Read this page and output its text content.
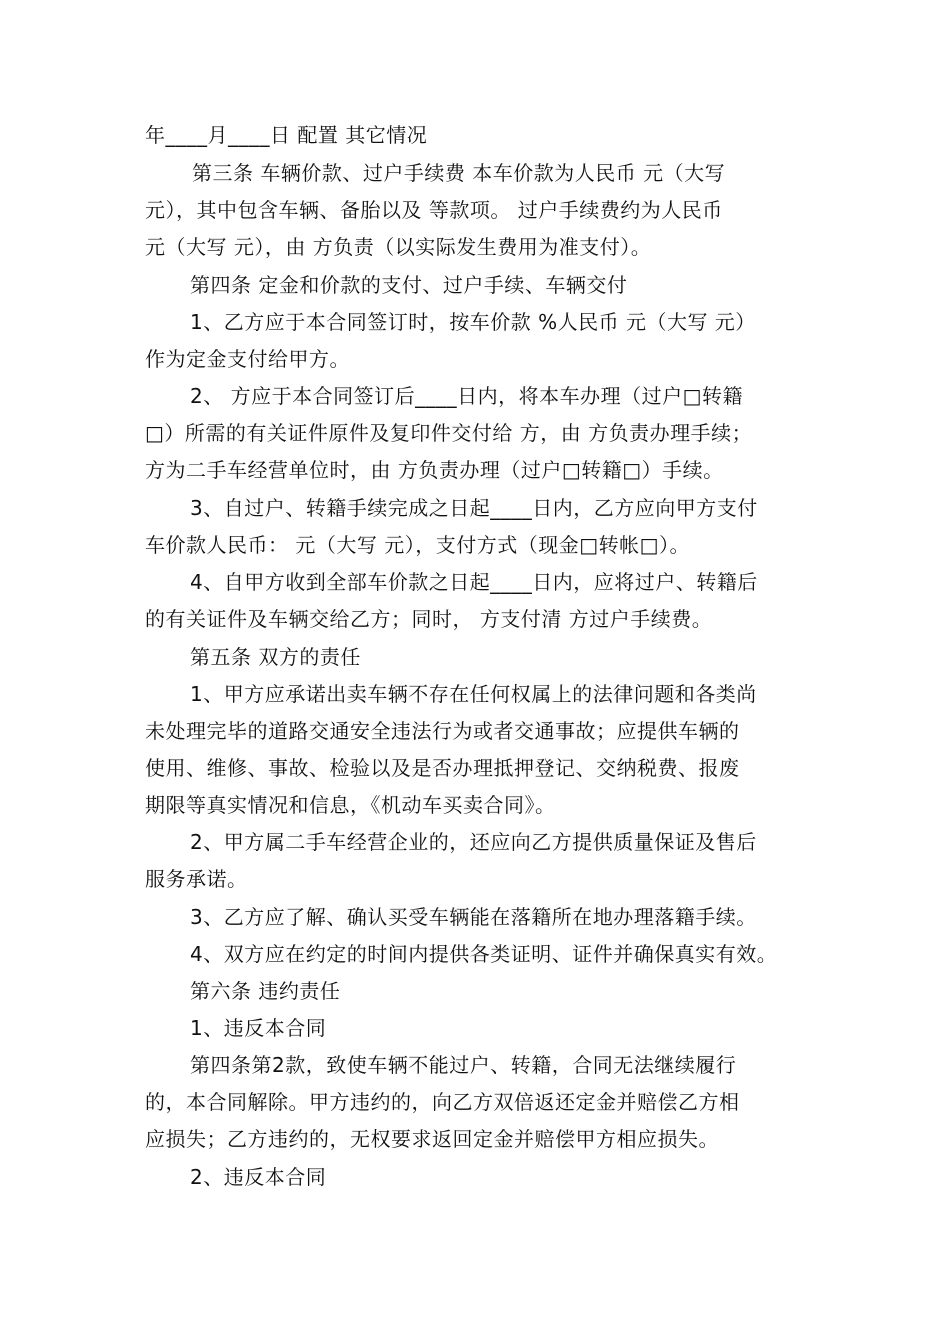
年____月____日 配置 其它情况

第三条 车辆价款、过户手续费 本车价款为人民币 元（大写

元），其中包含车辆、备胎以及 等款项。 过户手续费约为人民币

元（大写 元），由 方负责（以实际发生费用为准支付）。

第四条 定金和价款的支付、过户手续、车辆交付

1、乙方应于本合同签订时，按车价款 %人民币 元（大写 元）

作为定金支付给甲方。

2、 方应于本合同签订后____日内，将本车办理（过户□转籍

□）所需的有关证件原件及复印件交付给 方，由 方负责办理手续；

方为二手车经营单位时，由 方负责办理（过户□转籍□）手续。

3、自过户、转籍手续完成之日起____日内，乙方应向甲方支付

车价款人民币： 元（大写 元），支付方式（现金□转帐□）。

4、自甲方收到全部车价款之日起____日内，应将过户、转籍后

的有关证件及车辆交给乙方；同时， 方支付清 方过户手续费。

第五条 双方的责任

1、甲方应承诺出卖车辆不存在任何权属上的法律问题和各类尚

未处理完毕的道路交通安全违法行为或者交通事故；应提供车辆的

使用、维修、事故、检验以及是否办理抵押登记、交纳税费、报废

期限等真实情况和信息，《机动车买卖合同》。

2、甲方属二手车经营企业的，还应向乙方提供质量保证及售后

服务承诺。

3、乙方应了解、确认买受车辆能在落籍所在地办理落籍手续。

4、双方应在约定的时间内提供各类证明、证件并确保真实有效。

第六条 违约责任

1、违反本合同

第四条第2款，致使车辆不能过户、转籍，合同无法继续履行

的，本合同解除。甲方违约的，向乙方双倍返还定金并赔偿乙方相

应损失；乙方违约的，无权要求返回定金并赔偿甲方相应损失。

2、违反本合同
